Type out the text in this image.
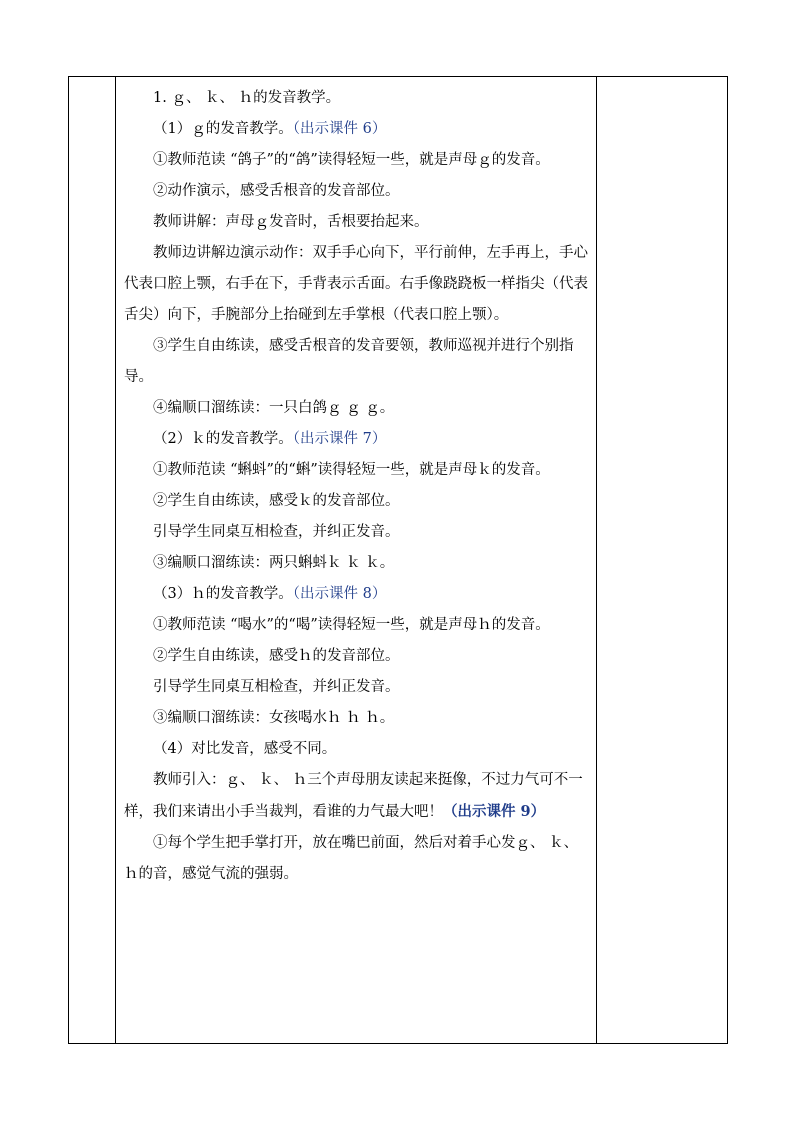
1. ｇ、 ｋ、 ｈ的发音教学。

（1）ｇ的发音教学。（出示课件 6）

①教师范读 “鸽子”的“鸽”读得轻短一些，就是声母ｇ的发音。

②动作演示，感受舌根音的发音部位。

教师讲解：声母ｇ发音时，舌根要抬起来。

教师边讲解边演示动作：双手手心向下，平行前伸，左手再上，手心代表口腔上颚，右手在下，手背表示舌面。右手像跷跷板一样指尖（代表舌尖）向下，手腕部分上抬碰到左手掌根（代表口腔上颚）。

③学生自由练读，感受舌根音的发音要领，教师巡视并进行个别指导。

④编顺口溜练读：一只白鸽ｇ ｇ ｇ。

（2）ｋ的发音教学。（出示课件 7）

①教师范读 “蝌蚪”的“蝌”读得轻短一些，就是声母ｋ的发音。

②学生自由练读，感受ｋ的发音部位。

引导学生同桌互相检查，并纠正发音。

③编顺口溜练读：两只蝌蚪ｋ ｋ ｋ。

（3）ｈ的发音教学。（出示课件 8）

①教师范读 “喝水”的“喝”读得轻短一些，就是声母ｈ的发音。

②学生自由练读，感受ｈ的发音部位。

引导学生同桌互相检查，并纠正发音。

③编顺口溜练读：女孩喝水ｈ ｈ ｈ。

（4）对比发音，感受不同。

教师引入：ｇ、 ｋ、 ｈ三个声母朋友读起来挺像，不过力气可不一样，我们来请出小手当裁判，看谁的力气最大吧！（出示课件 9）

①每个学生把手掌打开，放在嘴巴前面，然后对着手心发ｇ、 ｋ、 ｈ的音，感觉气流的强弱。
